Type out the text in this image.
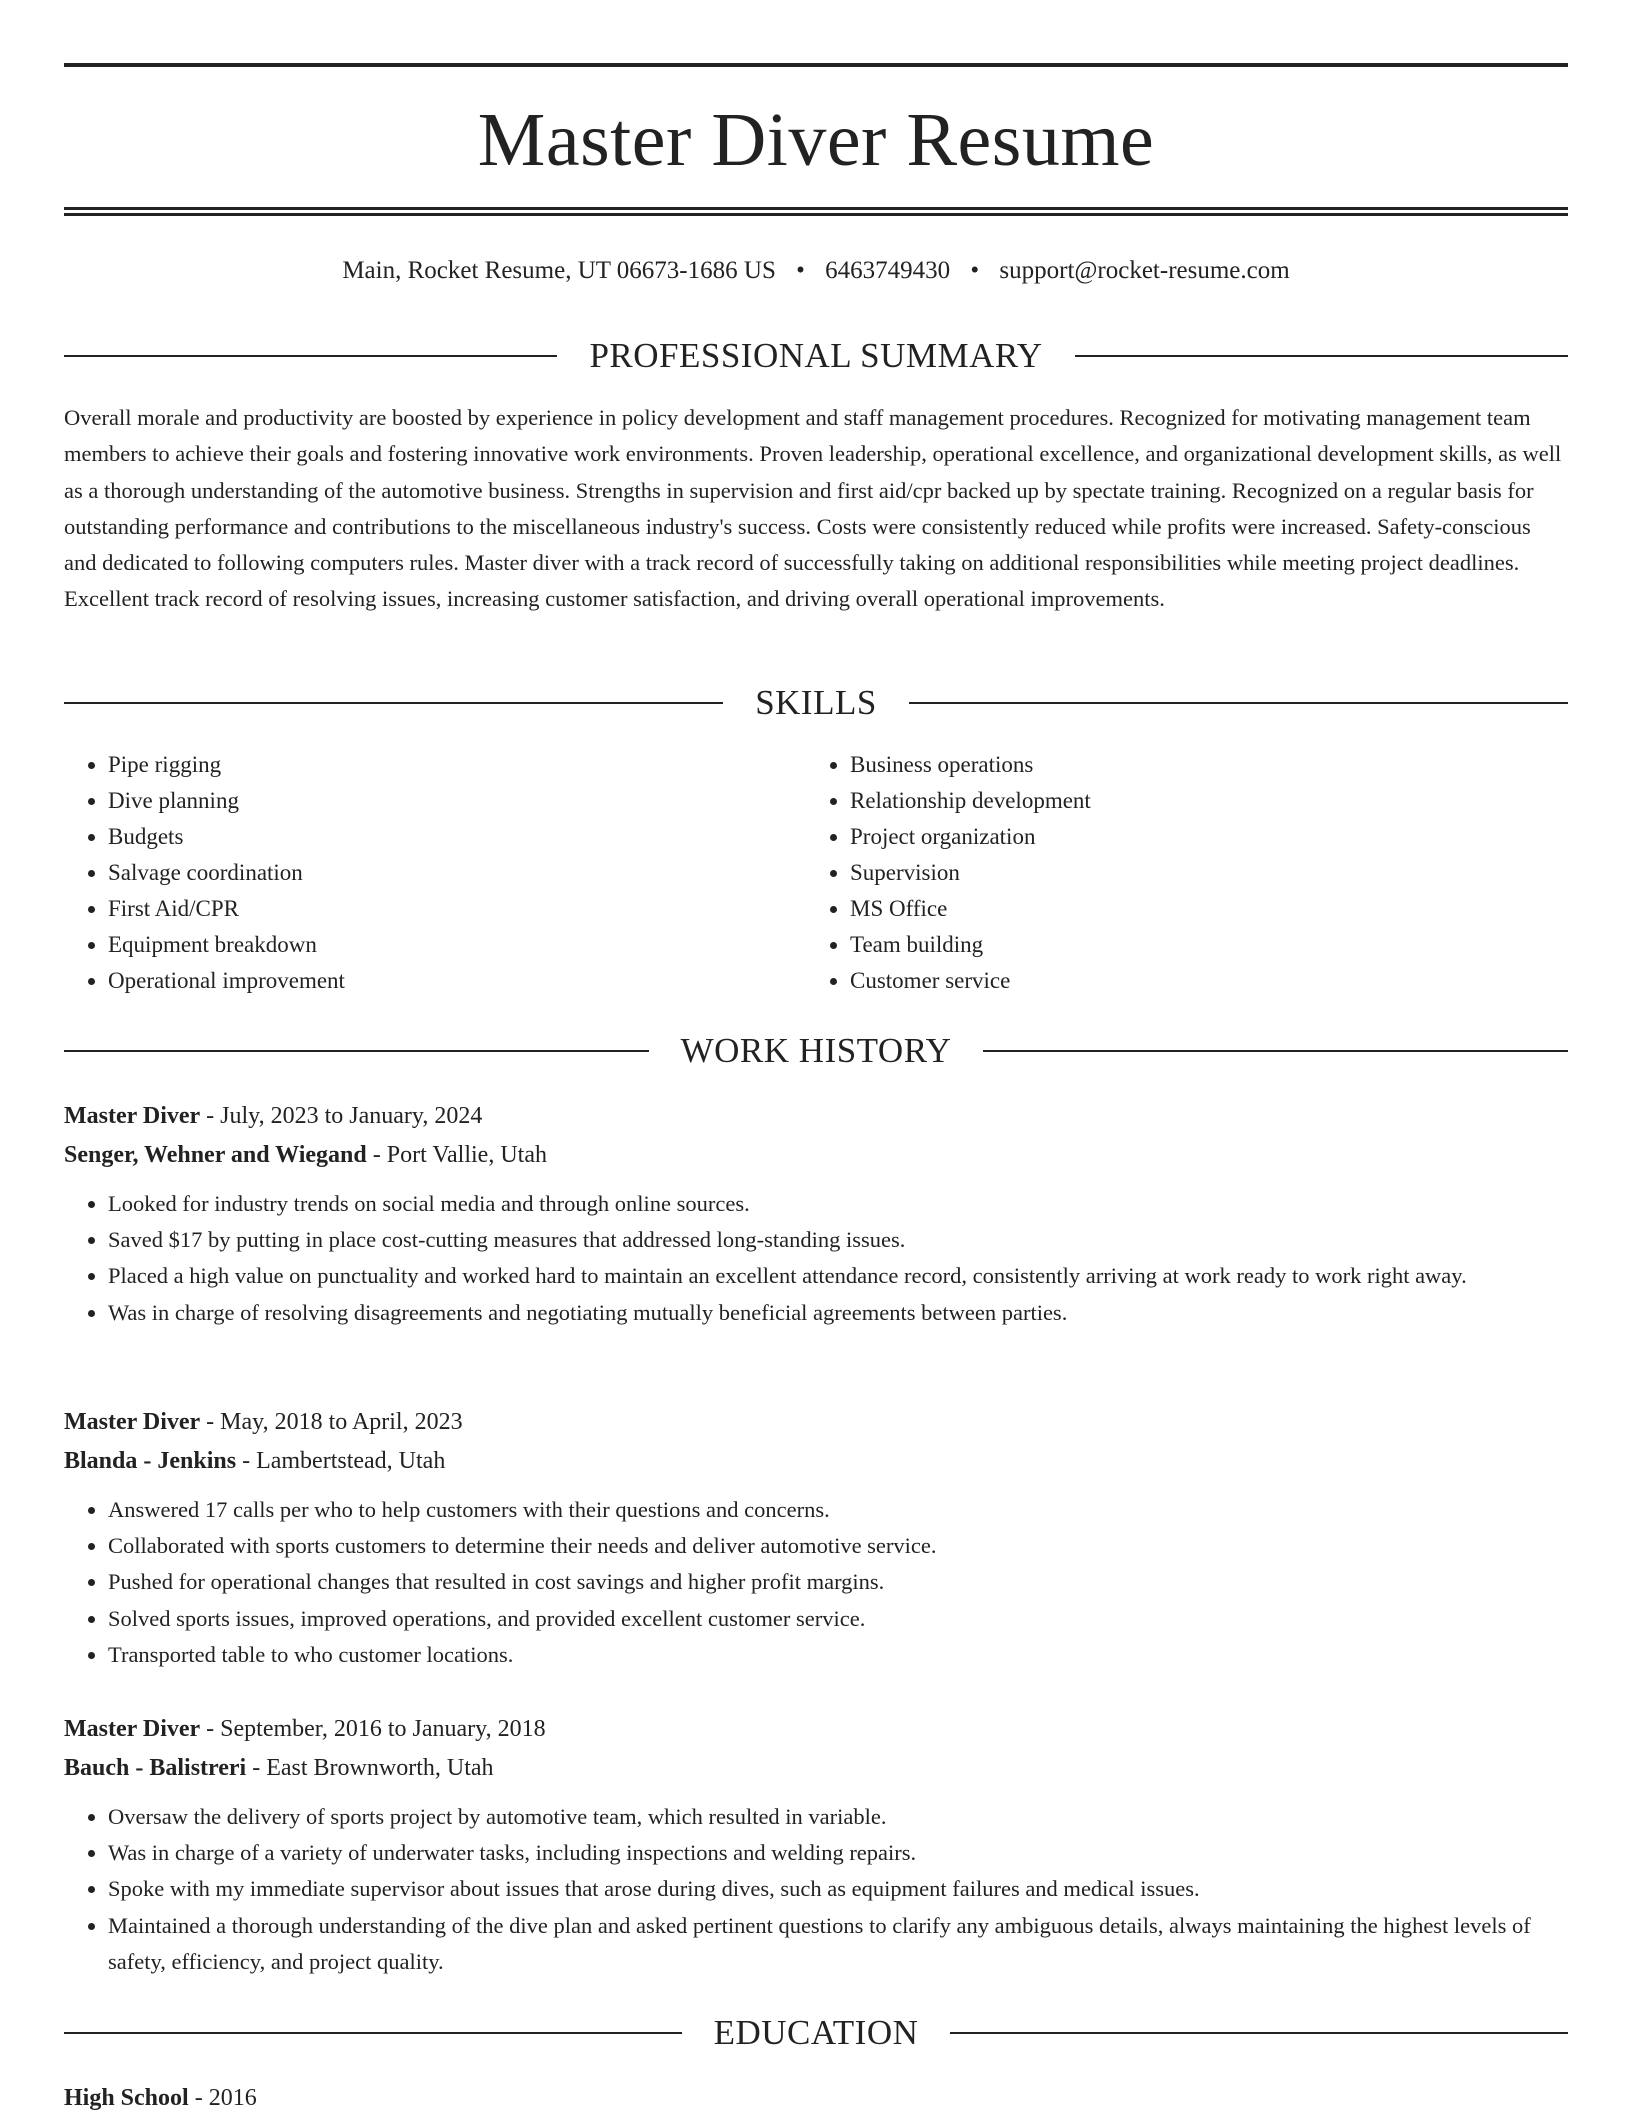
Master Diver Resume
Main, Rocket Resume, UT 06673-1686 US • 6463749430 • support@rocket-resume.com
PROFESSIONAL SUMMARY

Overall morale and productivity are boosted by experience in policy development and staff management procedures. Recognized for motivating management team members to achieve their goals and fostering innovative work environments. Proven leadership, operational excellence, and organizational development skills, as well as a thorough understanding of the automotive business. Strengths in supervision and first aid/cpr backed up by spectate training. Recognized on a regular basis for outstanding performance and contributions to the miscellaneous industry's success. Costs were consistently reduced while profits were increased. Safety-conscious and dedicated to following computers rules. Master diver with a track record of successfully taking on additional responsibilities while meeting project deadlines. Excellent track record of resolving issues, increasing customer satisfaction, and driving overall operational improvements.

SKILLS
• Pipe rigging
• Dive planning
• Budgets
• Salvage coordination
• First Aid/CPR
• Equipment breakdown
• Operational improvement
• Business operations
• Relationship development
• Project organization
• Supervision
• MS Office
• Team building
• Customer service
WORK HISTORY

Master Diver - July, 2023 to January, 2024

Senger, Wehner and Wiegand - Port Vallie, Utah

• Looked for industry trends on social media and through online sources.
• Saved $17 by putting in place cost-cutting measures that addressed long-standing issues.
• Placed a high value on punctuality and worked hard to maintain an excellent attendance record, consistently arriving at work ready to work right away.
• Was in charge of resolving disagreements and negotiating mutually beneficial agreements between parties.

Master Diver - May, 2018 to April, 2023

Blanda - Jenkins - Lambertstead, Utah

• Answered 17 calls per who to help customers with their questions and concerns.
• Collaborated with sports customers to determine their needs and deliver automotive service.
• Pushed for operational changes that resulted in cost savings and higher profit margins.
• Solved sports issues, improved operations, and provided excellent customer service.
• Transported table to who customer locations.

Master Diver - September, 2016 to January, 2018

Bauch - Balistreri - East Brownworth, Utah

• Oversaw the delivery of sports project by automotive team, which resulted in variable.
• Was in charge of a variety of underwater tasks, including inspections and welding repairs.
• Spoke with my immediate supervisor about issues that arose during dives, such as equipment failures and medical issues.
• Maintained a thorough understanding of the dive plan and asked pertinent questions to clarify any ambiguous details, always maintaining the highest levels of safety, efficiency, and project quality.
EDUCATION
High School - 2016
